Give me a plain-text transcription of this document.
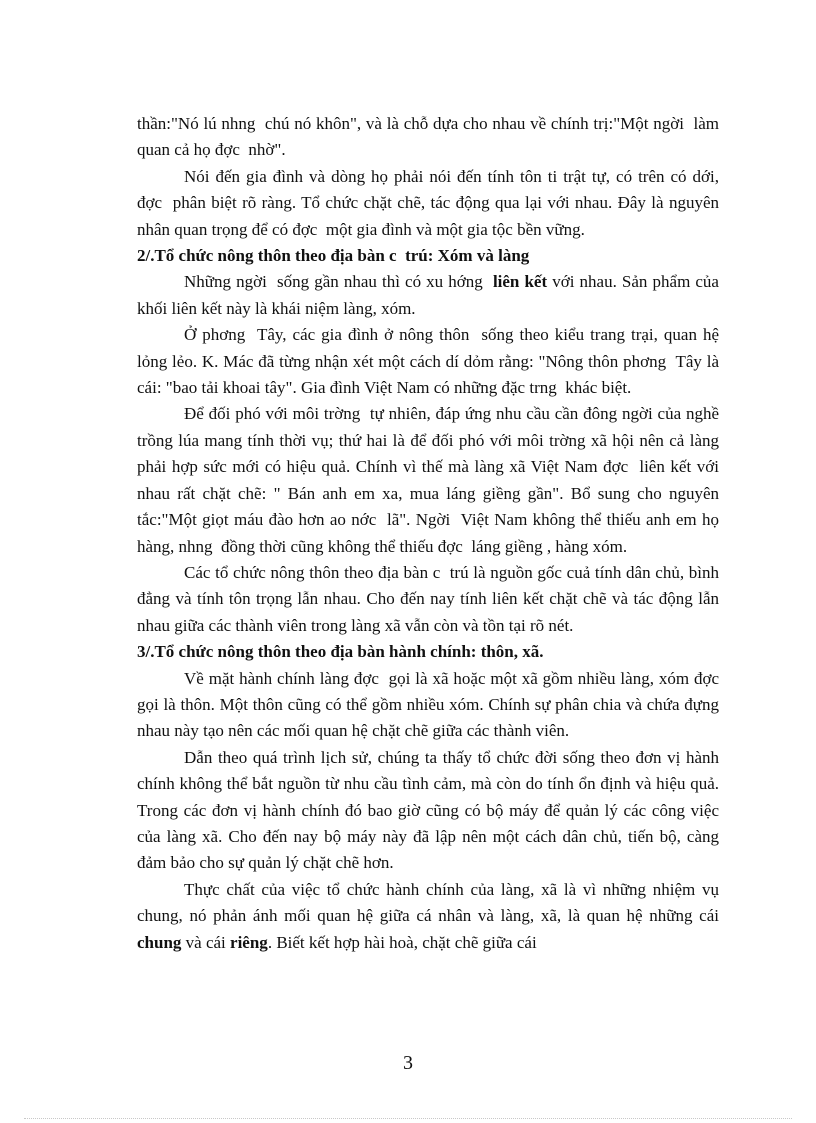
thần:"Nó lú nhng  chú nó khôn", và là chỗ dựa cho nhau về chính trị:"Một ngời  làm quan cả họ đợc  nhờ".

Nói đến gia đình và dòng họ phải nói đến tính tôn ti trật tự, có trên có dới,  đợc  phân biệt rõ ràng. Tổ chức chặt chẽ, tác động qua lại với nhau. Đây là nguyên nhân quan trọng để có đợc  một gia đình và một gia tộc bền vững.

2/.Tổ chức nông thôn theo địa bàn c  trú: Xóm và làng

Những ngời  sống gần nhau thì có xu hớng  liên kết với nhau. Sản phẩm của khối liên kết này là khái niệm làng, xóm.

Ở phơng  Tây, các gia đình ở nông thôn  sống theo kiểu trang trại, quan hệ lỏng lẻo. K. Mác đã từng nhận xét một cách dí dỏm rằng: "Nông thôn phơng  Tây là cái: "bao tải khoai tây". Gia đình Việt Nam có những đặc trng  khác biệt.

Để đối phó với môi trờng  tự nhiên, đáp ứng nhu cầu cần đông ngời của nghề trồng lúa mang tính thời vụ; thứ hai là để đối phó với môi trờng xã hội nên cả làng phải hợp sức mới có hiệu quả. Chính vì thế mà làng xã Việt Nam đợc  liên kết với nhau rất chặt chẽ: " Bán anh em xa, mua láng giềng gần". Bổ sung cho nguyên tắc:"Một giọt máu đào hơn ao nớc  lã". Ngời  Việt Nam không thể thiếu anh em họ hàng, nhng  đồng thời cũng không thể thiếu đợc  láng giềng , hàng xóm.

Các tổ chức nông thôn theo địa bàn c  trú là nguồn gốc cuả tính dân chủ, bình đẳng và tính tôn trọng lẫn nhau. Cho đến nay tính liên kết chặt chẽ và tác động lẫn nhau giữa các thành viên trong làng xã vẫn còn và tồn tại rõ nét.

3/.Tổ chức nông thôn theo địa bàn hành chính: thôn, xã.

Về mặt hành chính làng đợc  gọi là xã hoặc một xã gồm nhiều làng, xóm đợc  gọi là thôn. Một thôn cũng có thể gồm nhiều xóm. Chính sự phân chia và chứa đựng nhau này tạo nên các mối quan hệ chặt chẽ giữa các thành viên.

Dẫn theo quá trình lịch sử, chúng ta thấy tổ chức đời sống theo đơn vị hành chính không thể bắt nguồn từ nhu cầu tình cảm, mà còn do tính ổn định và hiệu quả. Trong các đơn vị hành chính đó bao giờ cũng có bộ máy để quản lý các công việc của làng xã. Cho đến nay bộ máy này đã lập nên một cách dân chủ, tiến bộ, càng đảm bảo cho sự quản lý chặt chẽ hơn.

Thực chất của việc tổ chức hành chính của làng, xã là vì những nhiệm vụ chung, nó phản ánh mối quan hệ giữa cá nhân và làng, xã, là quan hệ những cái chung và cái riêng. Biết kết hợp hài hoà, chặt chẽ giữa cái

3
